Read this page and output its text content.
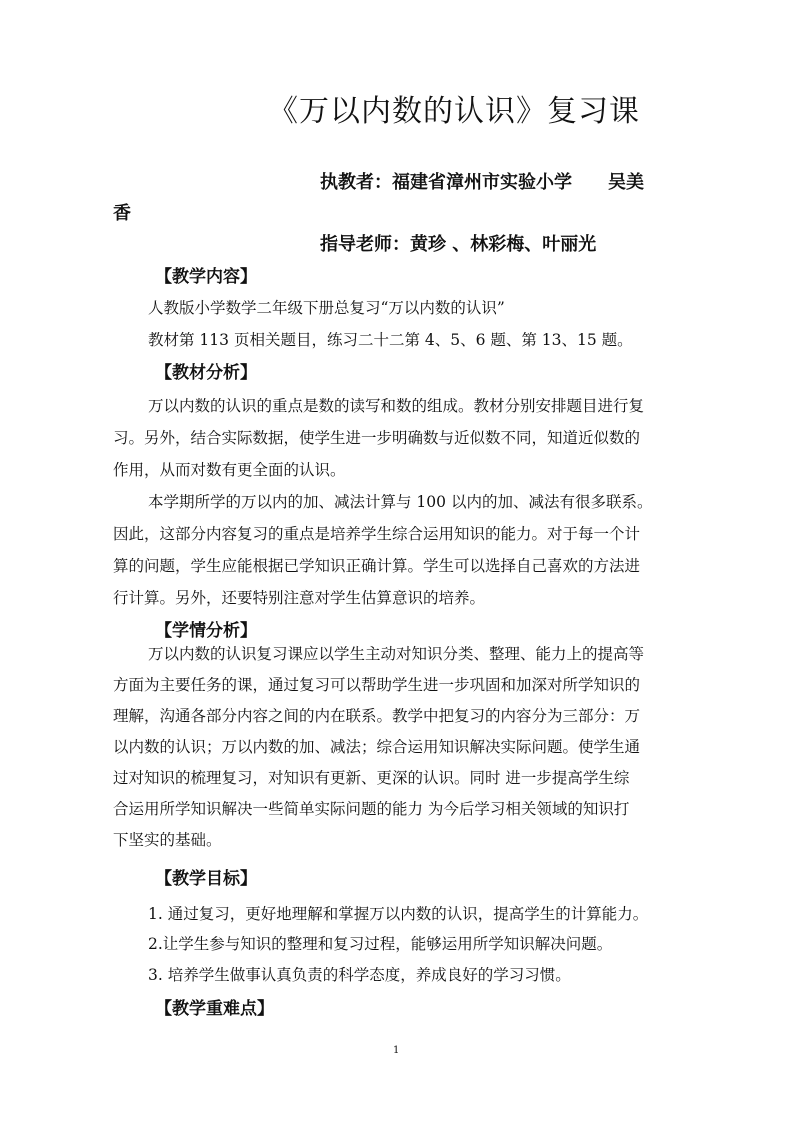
《万以内数的认识》复习课
执教者：福建省漳州市实验小学 吴美
香
指导老师：黄珍 、林彩梅、叶丽光
【教学内容】
人教版小学数学二年级下册总复习“万以内数的认识”
教材第 113 页相关题目，练习二十二第 4、5、6 题、第 13、15 题。
【教材分析】
万以内数的认识的重点是数的读写和数的组成。教材分别安排题目进行复
习。另外，结合实际数据，使学生进一步明确数与近似数不同，知道近似数的
作用，从而对数有更全面的认识。
本学期所学的万以内的加、减法计算与 100 以内的加、减法有很多联系。
因此，这部分内容复习的重点是培养学生综合运用知识的能力。对于每一个计
算的问题，学生应能根据已学知识正确计算。学生可以选择自己喜欢的方法进
行计算。另外，还要特别注意对学生估算意识的培养。
【学情分析】
万以内数的认识复习课应以学生主动对知识分类、整理、能力上的提高等
方面为主要任务的课，通过复习可以帮助学生进一步巩固和加深对所学知识的
理解，沟通各部分内容之间的内在联系。教学中把复习的内容分为三部分：万
以内数的认识；万以内数的加、减法；综合运用知识解决实际问题。使学生通
过对知识的梳理复习，对知识有更新、更深的认识。同时 进一步提高学生综
合运用所学知识解决一些简单实际问题的能力 为今后学习相关领域的知识打
下坚实的基础。
【教学目标】
1. 通过复习，更好地理解和掌握万以内数的认识，提高学生的计算能力。
2.让学生参与知识的整理和复习过程，能够运用所学知识解决问题。
3. 培养学生做事认真负责的科学态度，养成良好的学习习惯。
【教学重难点】
1
